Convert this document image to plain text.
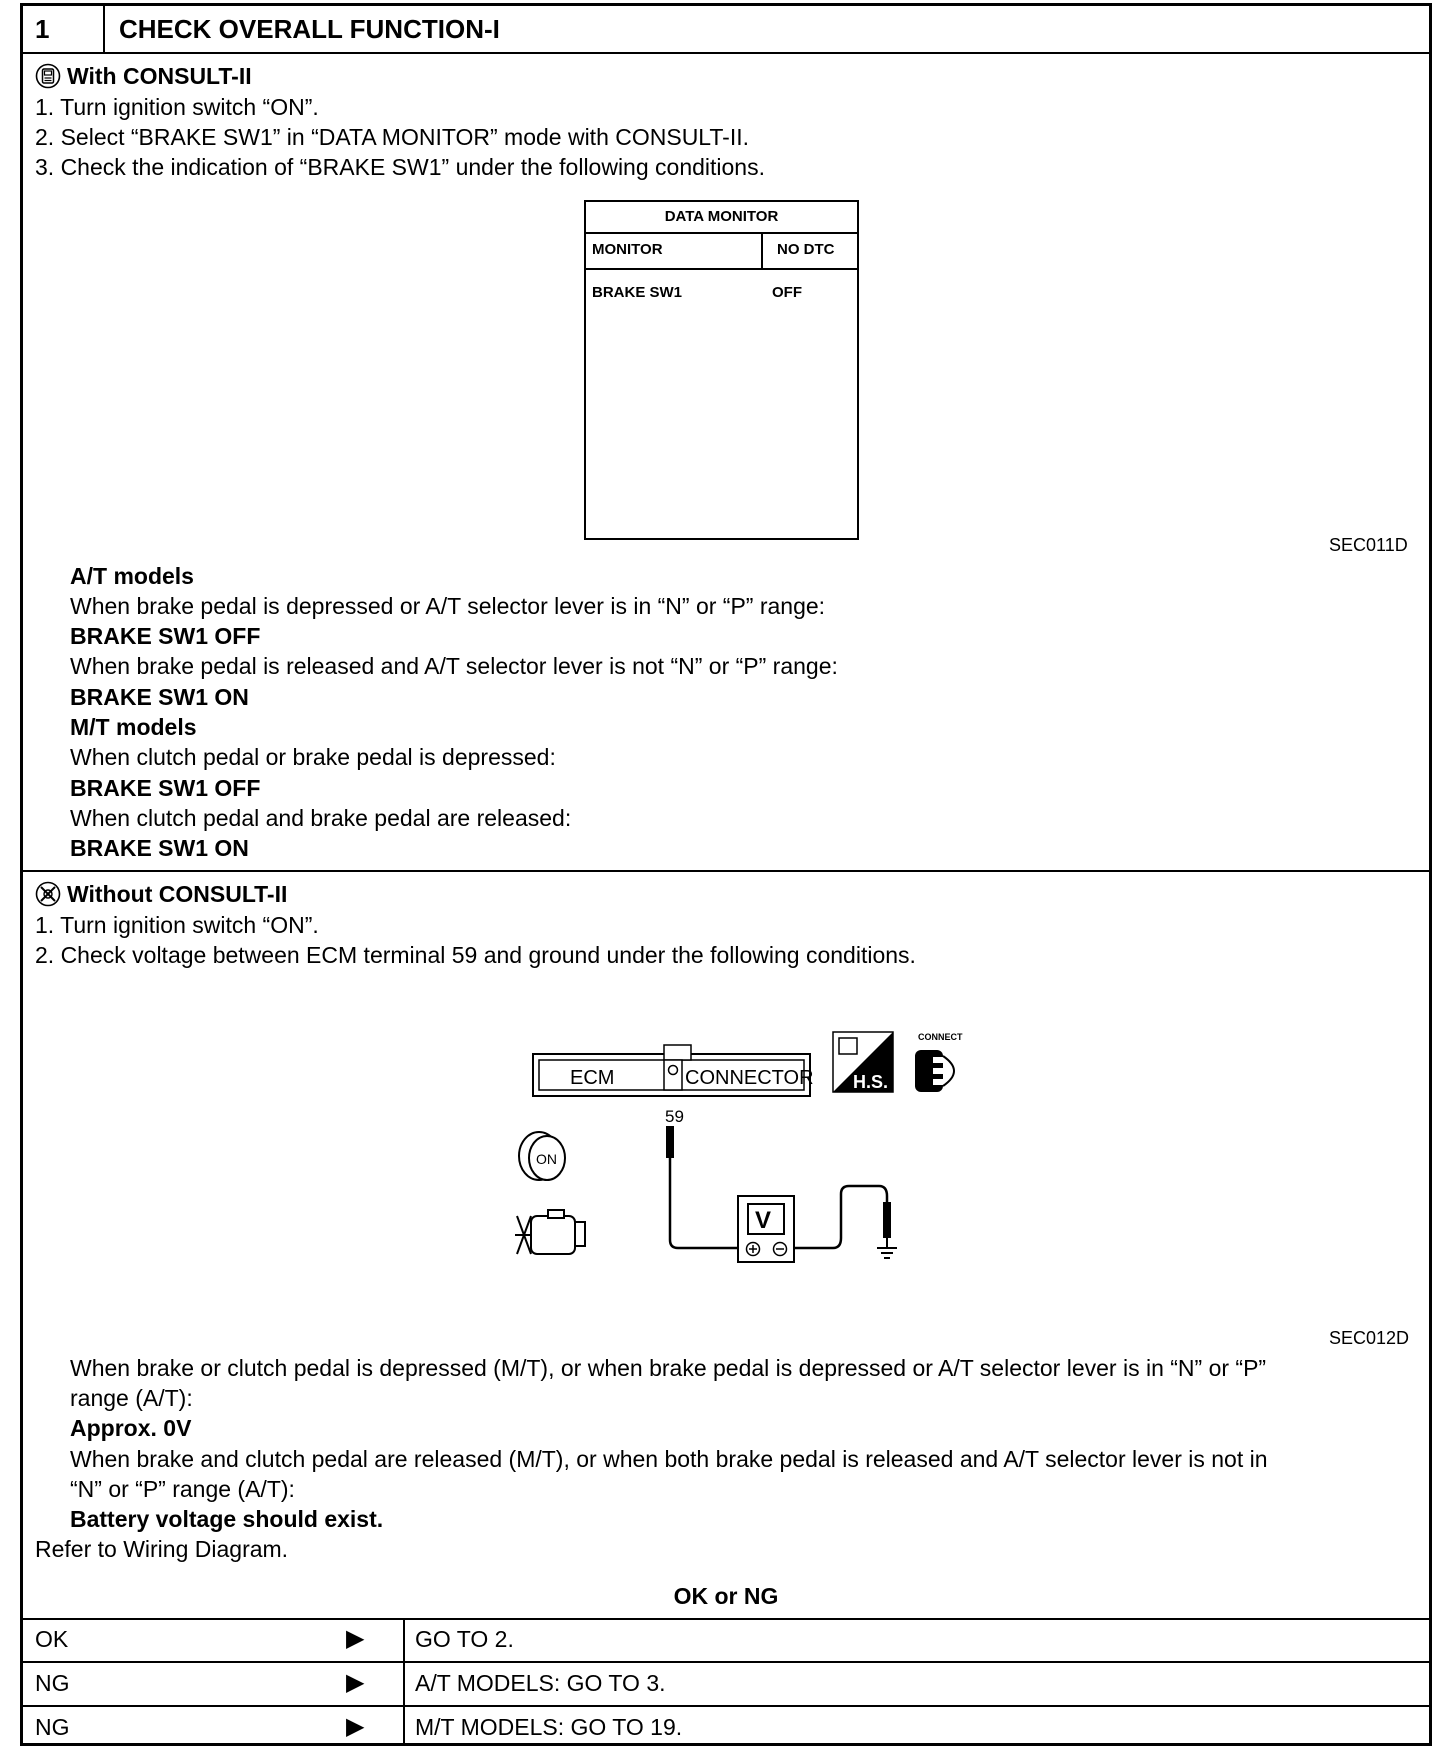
1	CHECK OVERALL FUNCTION-I
With CONSULT-II
1. Turn ignition switch “ON”.
2. Select “BRAKE SW1” in “DATA MONITOR” mode with CONSULT-II.
3. Check the indication of “BRAKE SW1” under the following conditions.
DATA MONITOR
MONITOR	NO DTC
BRAKE SW1	OFF
SEC011D
A/T models
When brake pedal is depressed or A/T selector lever is in “N” or “P” range:
BRAKE SW1 OFF
When brake pedal is released and A/T selector lever is not “N” or “P” range:
BRAKE SW1 ON
M/T models
When clutch pedal or brake pedal is depressed:
BRAKE SW1 OFF
When clutch pedal and brake pedal are released:
BRAKE SW1 ON
Without CONSULT-II
1. Turn ignition switch “ON”.
2. Check voltage between ECM terminal 59 and ground under the following conditions.
ECM	CONNECTOR
59
H.S.
CONNECT
V
ON
SEC012D
When brake or clutch pedal is depressed (M/T), or when brake pedal is depressed or A/T selector lever is in “N” or “P”
range (A/T):
Approx. 0V
When brake and clutch pedal are released (M/T), or when both brake pedal is released and A/T selector lever is not in
“N” or “P” range (A/T):
Battery voltage should exist.
Refer to Wiring Diagram.
OK or NG
OK	▶ GO TO 2.
NG	▶ A/T MODELS: GO TO 3.
NG	▶ M/T MODELS: GO TO 19.
